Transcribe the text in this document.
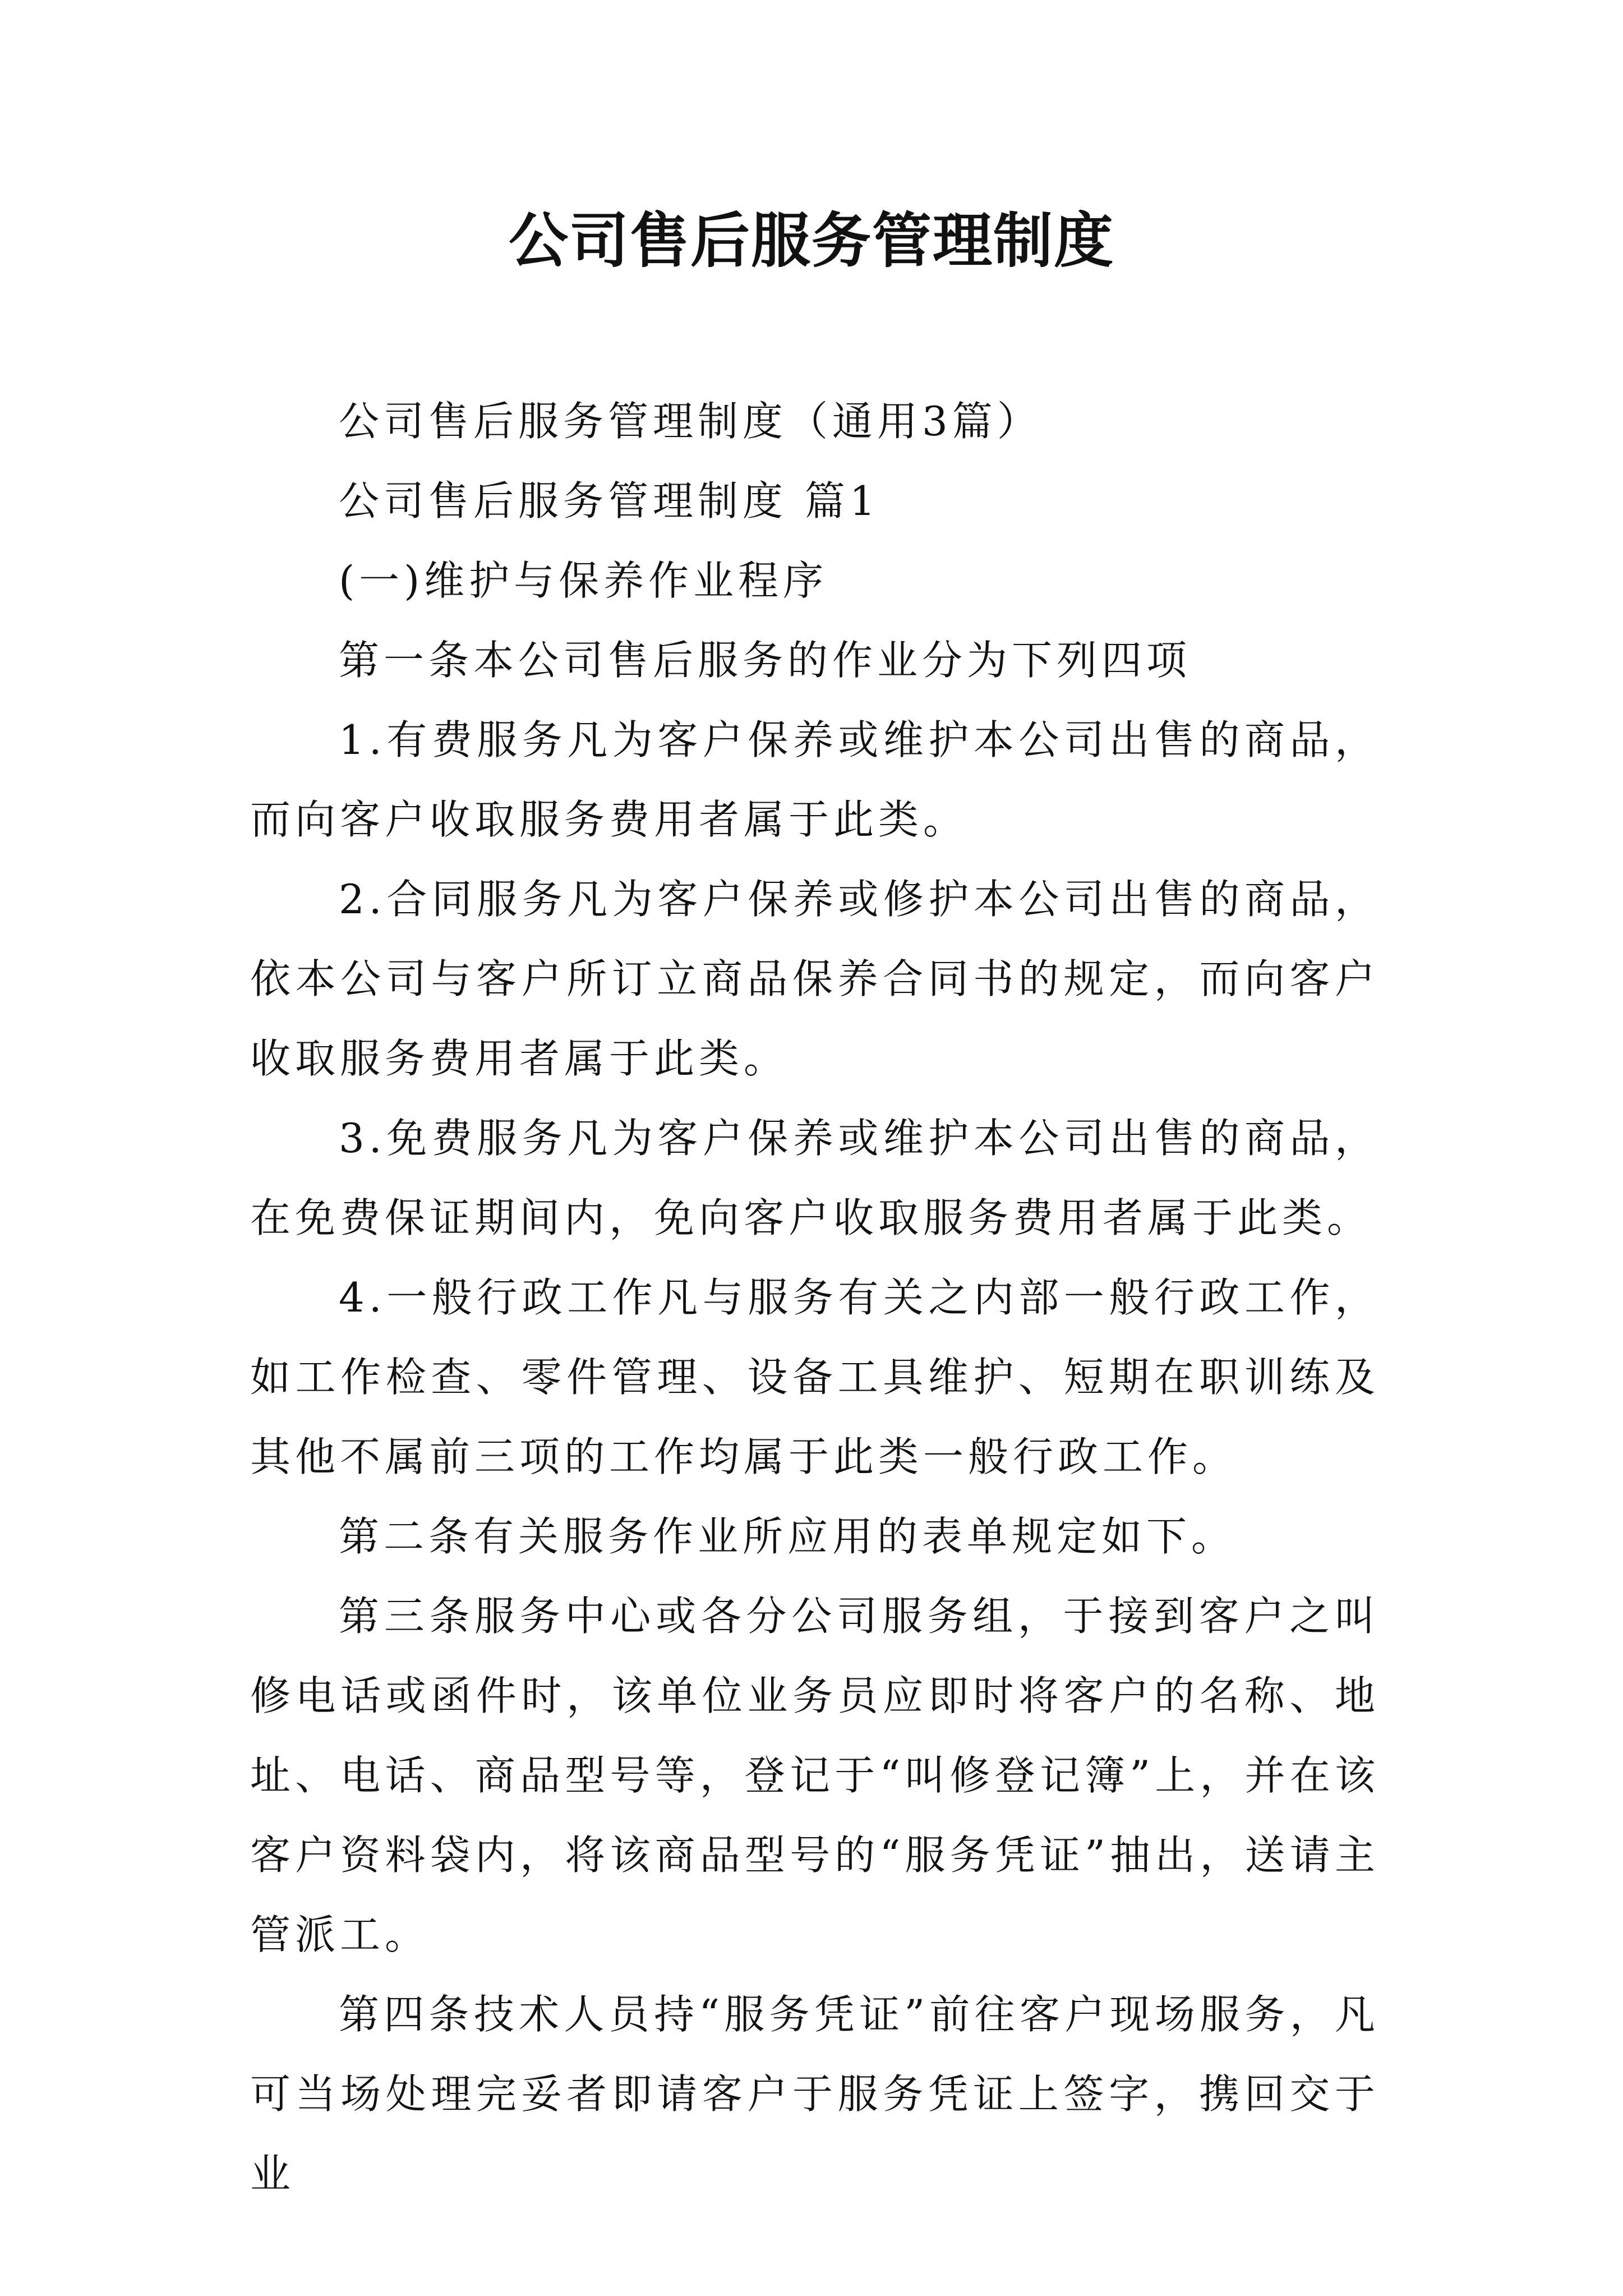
公司售后服务管理制度

公司售后服务管理制度（通用3篇）

公司售后服务管理制度 篇1

(一)维护与保养作业程序

第一条本公司售后服务的作业分为下列四项

1.有费服务凡为客户保养或维护本公司出售的商品，而向客户收取服务费用者属于此类。

2.合同服务凡为客户保养或修护本公司出售的商品，依本公司与客户所订立商品保养合同书的规定，而向客户收取服务费用者属于此类。

3.免费服务凡为客户保养或维护本公司出售的商品，在免费保证期间内，免向客户收取服务费用者属于此类。

4.一般行政工作凡与服务有关之内部一般行政工作，如工作检查、零件管理、设备工具维护、短期在职训练及其他不属前三项的工作均属于此类一般行政工作。

第二条有关服务作业所应用的表单规定如下。

第三条服务中心或各分公司服务组，于接到客户之叫修电话或函件时，该单位业务员应即时将客户的名称、地址、电话、商品型号等，登记于“叫修登记簿”上，并在该客户资料袋内，将该商品型号的“服务凭证”抽出，送请主管派工。

第四条技术人员持“服务凭证”前往客户现场服务，凡可当场处理完妥者即请客户于服务凭证上签字，携回交于业
